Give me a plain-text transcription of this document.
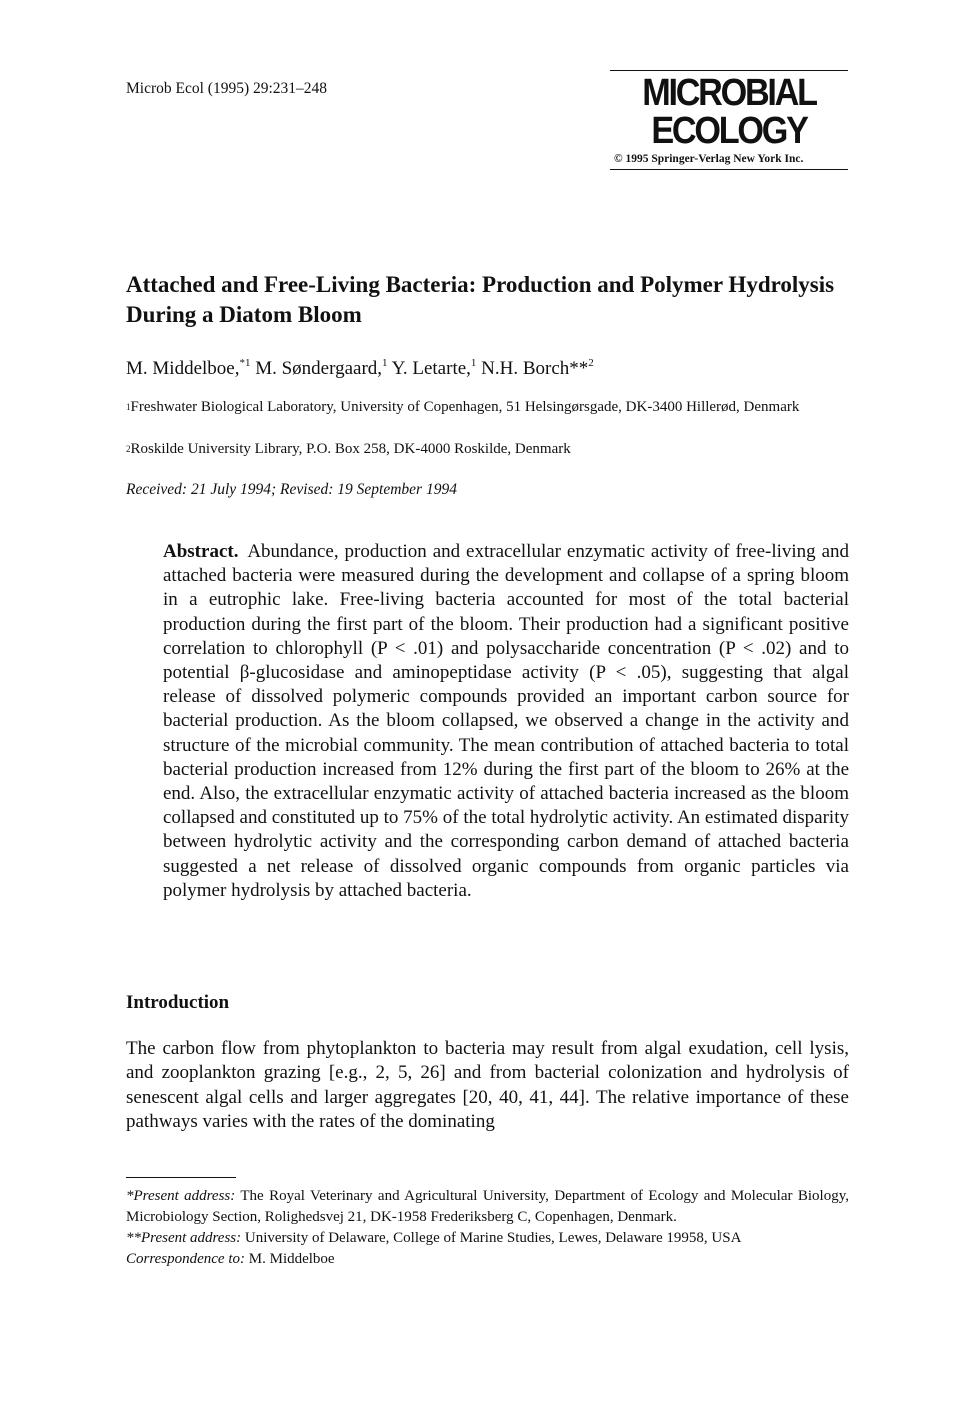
Microb Ecol (1995) 29:231–248	MICROBIAL
ECOLOGY
© 1995 Springer-Verlag New York Inc.
Attached and Free-Living Bacteria: Production and Polymer Hydrolysis During a Diatom Bloom
M. Middelboe,$^{*1}$ M. Søndergaard,$^1$ Y. Letarte,$^1$ N.H. Borch**$^2$
$^1$Freshwater Biological Laboratory, University of Copenhagen, 51 Helsingørsgade, DK-3400 Hillerød, Denmark
$^2$Roskilde University Library, P.O. Box 258, DK-4000 Roskilde, Denmark
Received: 21 July 1994; Revised: 19 September 1994
Abstract. Abundance, production and extracellular enzymatic activity of free-living and attached bacteria were measured during the development and collapse of a spring bloom in a eutrophic lake. Free-living bacteria accounted for most of the total bacterial production during the first part of the bloom. Their production had a significant positive correlation to chlorophyll (P < .01) and polysaccharide concentration (P < .02) and to potential β-glucosidase and aminopeptidase activity (P < .05), suggesting that algal release of dissolved polymeric compounds provided an important carbon source for bacterial production. As the bloom collapsed, we observed a change in the activity and structure of the microbial community. The mean contribution of attached bacteria to total bacterial production increased from 12% during the first part of the bloom to 26% at the end. Also, the extracellular enzymatic activity of attached bacteria increased as the bloom collapsed and constituted up to 75% of the total hydrolytic activity. An estimated disparity between hydrolytic activity and the corresponding carbon demand of attached bacteria suggested a net release of dissolved organic compounds from organic particles via polymer hydrolysis by attached bacteria.
Introduction
The carbon flow from phytoplankton to bacteria may result from algal exudation, cell lysis, and zooplankton grazing [e.g., 2, 5, 26] and from bacterial colonization and hydrolysis of senescent algal cells and larger aggregates [20, 40, 41, 44]. The relative importance of these pathways varies with the rates of the dominating

*Present address: The Royal Veterinary and Agricultural University, Department of Ecology and Molecular Biology, Microbiology Section, Rolighedsvej 21, DK-1958 Frederiksberg C, Copenhagen, Denmark.

**Present address: University of Delaware, College of Marine Studies, Lewes, Delaware 19958, USA

Correspondence to: M. Middelboe
